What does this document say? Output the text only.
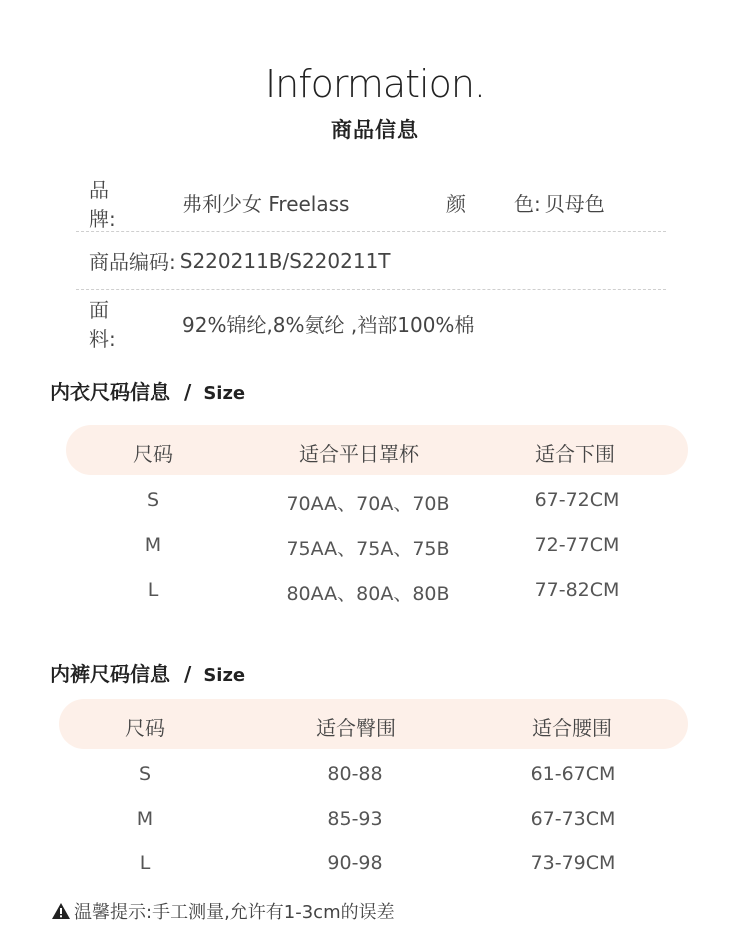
Information.
商品信息
品牌:
弗利少女 Freelass	颜	色: 贝母色
商品编码: S220211B/S220211T
面料:
92%锦纶,8%氨纶 ,裆部100%棉
内衣尺码信息 / Size
尺码	适合平日罩杯	适合下围
S	70AA、70A、70B	67-72CM
M	75AA、75A、75B	72-77CM
L	80AA、80A、80B	77-82CM
内裤尺码信息 / Size
尺码	适合臀围	适合腰围
S	80-88	61-67CM
M	85-93	67-73CM
L	90-98	73-79CM
温馨提示:手工测量,允许有1-3cm的误差
